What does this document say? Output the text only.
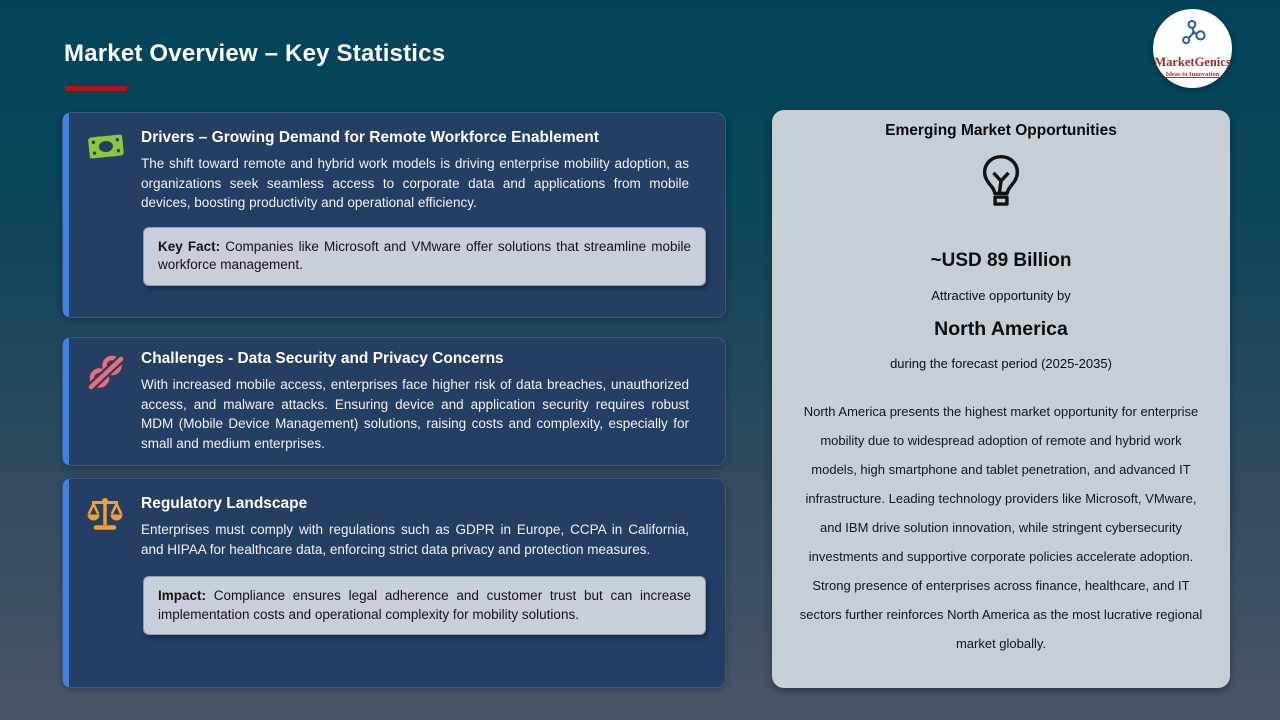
Market Overview – Key Statistics	MarketGenics
Ideas to Innovation
Drivers – Growing Demand for Remote Workforce Enablement

The shift toward remote and hybrid work models is driving enterprise mobility adoption, as organizations seek seamless access to corporate data and applications from mobile devices, boosting productivity and operational efficiency.

Key Fact: Companies like Microsoft and VMware offer solutions that streamline mobile workforce management.
Challenges - Data Security and Privacy Concerns

With increased mobile access, enterprises face higher risk of data breaches, unauthorized access, and malware attacks. Ensuring device and application security requires robust MDM (Mobile Device Management) solutions, raising costs and complexity, especially for small and medium enterprises.

Regulatory Landscape

Enterprises must comply with regulations such as GDPR in Europe, CCPA in California, and HIPAA for healthcare data, enforcing strict data privacy and protection measures.

Impact: Compliance ensures legal adherence and customer trust but can increase implementation costs and operational complexity for mobility solutions.
Emerging Market Opportunities
~USD 89 Billion
Attractive opportunity by
North America
during the forecast period (2025-2035)

North America presents the highest market opportunity for enterprise mobility due to widespread adoption of remote and hybrid work models, high smartphone and tablet penetration, and advanced IT infrastructure. Leading technology providers like Microsoft, VMware, and IBM drive solution innovation, while stringent cybersecurity investments and supportive corporate policies accelerate adoption. Strong presence of enterprises across finance, healthcare, and IT sectors further reinforces North America as the most lucrative regional market globally.
